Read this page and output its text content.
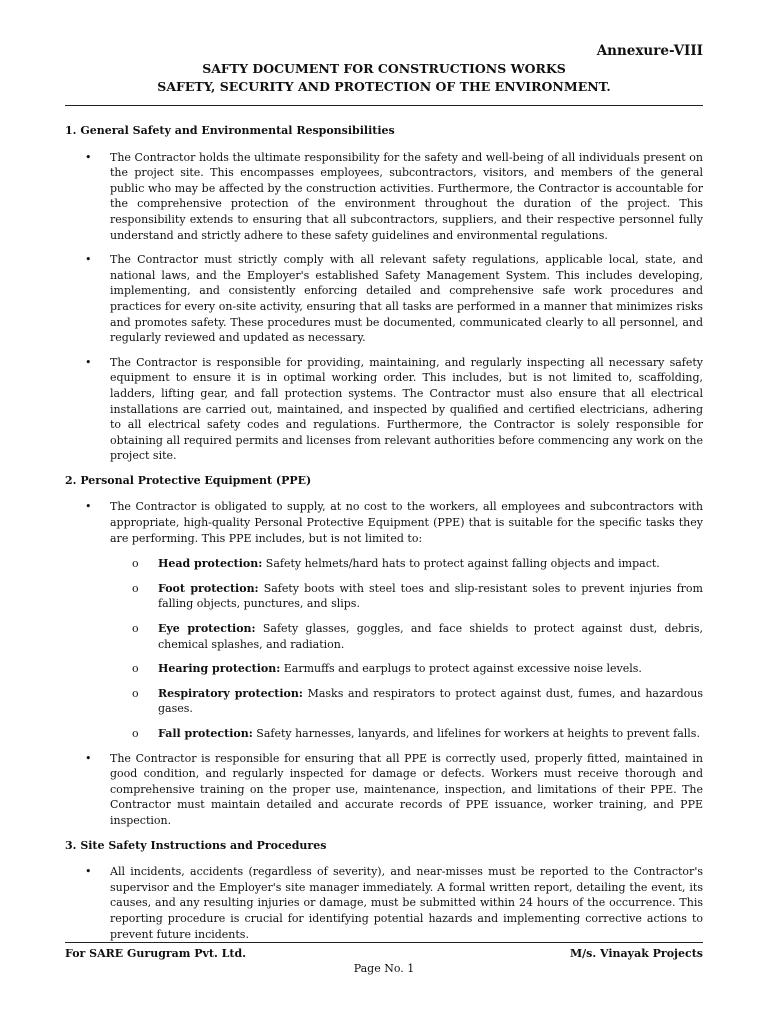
Annexure-VIII
SAFTY DOCUMENT FOR CONSTRUCTIONS WORKS
SAFETY, SECURITY AND PROTECTION OF THE ENVIRONMENT.
1. General Safety and Environmental Responsibilities
• The Contractor holds the ultimate responsibility for the safety and well-being of all individuals present on the project site. This encompasses employees, subcontractors, visitors, and members of the general public who may be affected by the construction activities. Furthermore, the Contractor is accountable for the comprehensive protection of the environment throughout the duration of the project. This responsibility extends to ensuring that all subcontractors, suppliers, and their respective personnel fully understand and strictly adhere to these safety guidelines and environmental regulations.
• The Contractor must strictly comply with all relevant safety regulations, applicable local, state, and national laws, and the Employer's established Safety Management System. This includes developing, implementing, and consistently enforcing detailed and comprehensive safe work procedures and practices for every on-site activity, ensuring that all tasks are performed in a manner that minimizes risks and promotes safety. These procedures must be documented, communicated clearly to all personnel, and regularly reviewed and updated as necessary.
• The Contractor is responsible for providing, maintaining, and regularly inspecting all necessary safety equipment to ensure it is in optimal working order. This includes, but is not limited to, scaffolding, ladders, lifting gear, and fall protection systems. The Contractor must also ensure that all electrical installations are carried out, maintained, and inspected by qualified and certified electricians, adhering to all electrical safety codes and regulations. Furthermore, the Contractor is solely responsible for obtaining all required permits and licenses from relevant authorities before commencing any work on the project site.
2. Personal Protective Equipment (PPE)
• The Contractor is obligated to supply, at no cost to the workers, all employees and subcontractors with appropriate, high-quality Personal Protective Equipment (PPE) that is suitable for the specific tasks they are performing. This PPE includes, but is not limited to:
o Head protection: Safety helmets/hard hats to protect against falling objects and impact.
o Foot protection: Safety boots with steel toes and slip-resistant soles to prevent injuries from falling objects, punctures, and slips.
o Eye protection: Safety glasses, goggles, and face shields to protect against dust, debris, chemical splashes, and radiation.
o Hearing protection: Earmuffs and earplugs to protect against excessive noise levels.
o Respiratory protection: Masks and respirators to protect against dust, fumes, and hazardous gases.
o Fall protection: Safety harnesses, lanyards, and lifelines for workers at heights to prevent falls.
• The Contractor is responsible for ensuring that all PPE is correctly used, properly fitted, maintained in good condition, and regularly inspected for damage or defects. Workers must receive thorough and comprehensive training on the proper use, maintenance, inspection, and limitations of their PPE. The Contractor must maintain detailed and accurate records of PPE issuance, worker training, and PPE inspection.
3. Site Safety Instructions and Procedures
• All incidents, accidents (regardless of severity), and near-misses must be reported to the Contractor's supervisor and the Employer's site manager immediately. A formal written report, detailing the event, its causes, and any resulting injuries or damage, must be submitted within 24 hours of the occurrence. This reporting procedure is crucial for identifying potential hazards and implementing corrective actions to prevent future incidents.
For SARE Gurugram Pvt. Ltd.	M/s. Vinayak Projects
Page No. 1
